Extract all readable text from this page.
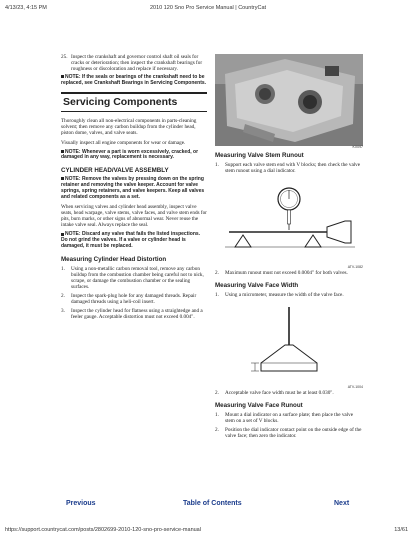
4/13/23, 4:15 PM	2010 120 Sno Pro Service Manual | CountryCat
25. Inspect the crankshaft and governor control shaft oil seals for cracks or deterioration; then inspect the crankshaft bearings for roughness or discoloration and replace if necessary.
NOTE: If the seals or bearings of the crankshaft need to be replaced, see Crankshaft Bearings in Servicing Components.
Servicing Components
Thoroughly clean all non-electrical components in parts-cleaning solvent; then remove any carbon buildup from the cylinder head, piston dome, valves, and valve seats.
Visually inspect all engine components for wear or damage.
NOTE: Whenever a part is worn excessively, cracked, or damaged in any way, replacement is necessary.
CYLINDER HEAD/VALVE ASSEMBLY
NOTE: Remove the valves by pressing down on the spring retainer and removing the valve keeper. Account for valve springs, spring retainers, and valve keepers. Keep all valves and related components as a set.
When servicing valves and cylinder head assembly, inspect valve seats, head warpage, valve stems, valve faces, and valve stem ends for pits, burn marks, or other signs of abnormal wear. Never reuse the intake valve seal. Always replace the seal.
NOTE: Discard any valve that fails the listed inspections. Do not grind the valves. If a valve or cylinder head is damaged, it must be replaced.
Measuring Cylinder Head Distortion
1.	Using a non-metallic carbon removal tool, remove any carbon buildup from the combustion chamber being careful not to nick, scrape, or damage the combustion chamber or the sealing surfaces.
2.	Inspect the spark-plug hole for any damaged threads. Repair damaged threads using a heli-coil insert.
3.	Inspect the cylinder head for flatness using a straightedge and a feeler gauge. Acceptable distortion must not exceed 0.004".
KX097
Measuring Valve Stem Runout
1.	Support each valve stem end with V blocks; then check the valve stem runout using a dial indicator.
ATV-1082
2.	Maximum runout must not exceed 0.0004" for both valves.
Measuring Valve Face Width
1.	Using a micrometer, measure the width of the valve face.
ATV-1004
2.	Acceptable valve face width must be at least 0.030".
Measuring Valve Face Runout
1.	Mount a dial indicator on a surface plate; then place the valve stem on a set of V blocks.
2.	Position the dial indicator contact point on the outside edge of the valve face; then zero the indicator.
Previous	Table of Contents	Next
https://support.countrycat.com/posts/2802699-2010-120-sno-pro-service-manual	13/61
